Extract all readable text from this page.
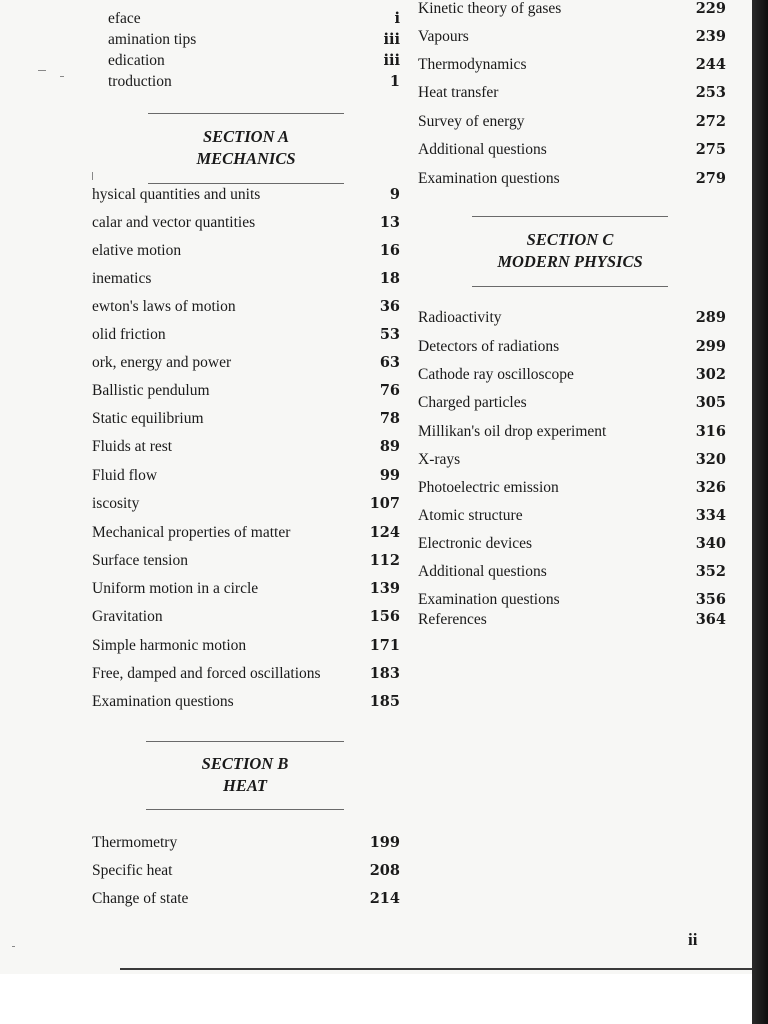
eface	i
amination tips	iii
edication	iii
troduction	1
SECTION A
MECHANICS
hysical quantities and units	9
calar and vector quantities	13
elative motion	16
inematics	18
ewton's laws of motion	36
olid friction	53
ork, energy and power	63
Ballistic pendulum	76
Static equilibrium	78
Fluids at rest	89
Fluid flow	99
iscosity	107
Mechanical properties of matter	124
Surface tension	112
Uniform motion in a circle	139
Gravitation	156
Simple harmonic motion	171
Free, damped and forced oscillations	183
Examination questions	185
SECTION B
HEAT
Thermometry	199
Specific heat	208
Change of state	214
Kinetic theory of gases	229
Vapours	239
Thermodynamics	244
Heat transfer	253
Survey of energy	272
Additional questions	275
Examination questions	279
SECTION C
MODERN PHYSICS
Radioactivity	289
Detectors of radiations	299
Cathode ray oscilloscope	302
Charged particles	305
Millikan's oil drop experiment	316
X-rays	320
Photoelectric emission	326
Atomic structure	334
Electronic devices	340
Additional questions	352
Examination questions	356
References	364
ii
